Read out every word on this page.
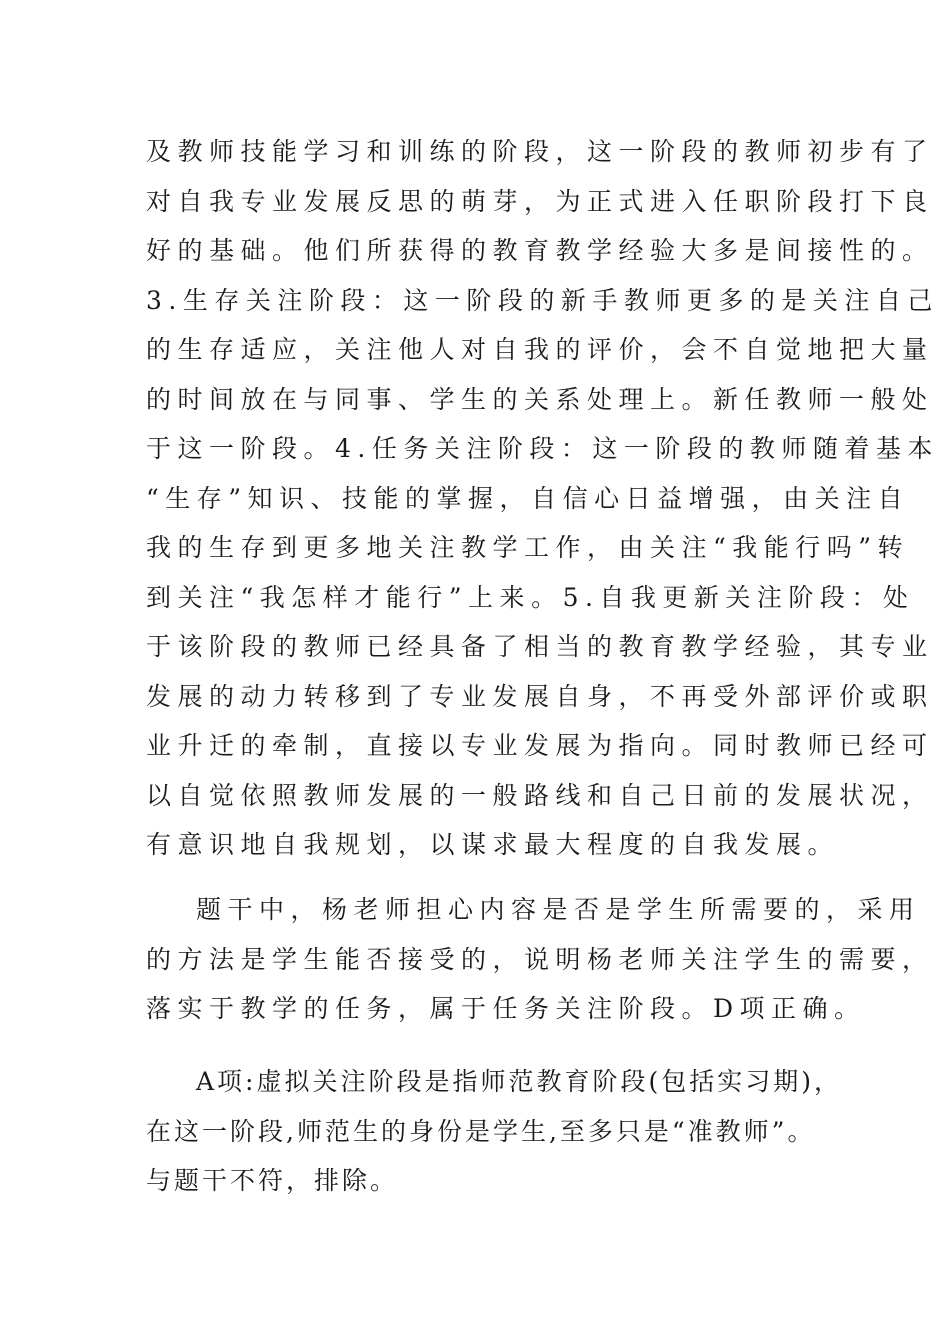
及教师技能学习和训练的阶段，这一阶段的教师初步有了
对自我专业发展反思的萌芽，为正式进入任职阶段打下良
好的基础。他们所获得的教育教学经验大多是间接性的。
3.生存关注阶段：这一阶段的新手教师更多的是关注自己
的生存适应，关注他人对自我的评价，会不自觉地把大量
的时间放在与同事、学生的关系处理上。新任教师一般处
于这一阶段。4.任务关注阶段：这一阶段的教师随着基本
“生存”知识、技能的掌握，自信心日益增强，由关注自
我的生存到更多地关注教学工作，由关注“我能行吗”转
到关注“我怎样才能行”上来。5.自我更新关注阶段：处
于该阶段的教师已经具备了相当的教育教学经验，其专业
发展的动力转移到了专业发展自身，不再受外部评价或职
业升迁的牵制，直接以专业发展为指向。同时教师已经可
以自觉依照教师发展的一般路线和自己日前的发展状况，
有意识地自我规划，以谋求最大程度的自我发展。
题干中，杨老师担心内容是否是学生所需要的，采用
的方法是学生能否接受的，说明杨老师关注学生的需要，
落实于教学的任务，属于任务关注阶段。D项正确。
A项:虚拟关注阶段是指师范教育阶段(包括实习期)，
在这一阶段,师范生的身份是学生,至多只是“准教师”。
与题干不符，排除。
